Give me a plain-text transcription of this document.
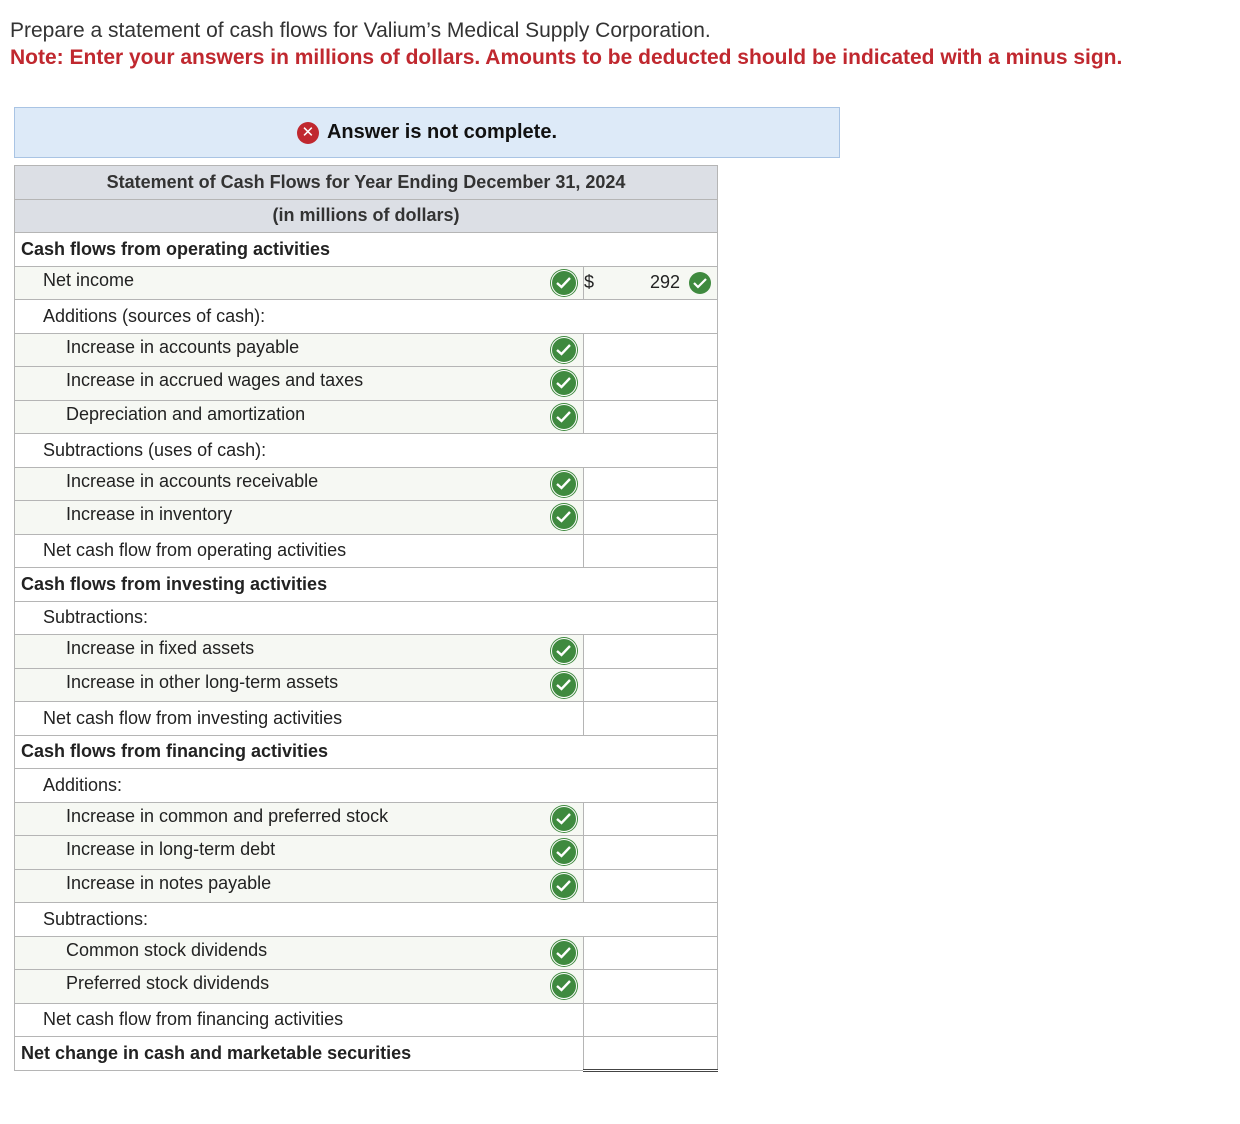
Prepare a statement of cash flows for Valium’s Medical Supply Corporation.
Note: Enter your answers in millions of dollars. Amounts to be deducted should be indicated with a minus sign.
✕ Answer is not complete.
Statement of Cash Flows for Year Ending December 31, 2024	
(in millions of dollars)	
Cash flows from operating activities	
Net income	$ 292

Additions (sources of cash):	
Increase in accounts payable

Increase in accrued wages and taxes

Depreciation and amortization

Subtractions (uses of cash):	
Increase in accounts receivable

Increase in inventory

Net cash flow from operating activities	
Cash flows from investing activities	
Subtractions:	
Increase in fixed assets

Increase in other long-term assets

Net cash flow from investing activities	
Cash flows from financing activities	
Additions:	
Increase in common and preferred stock

Increase in long-term debt

Increase in notes payable

Subtractions:	
Common stock dividends

Preferred stock dividends

Net cash flow from financing activities	
Net change in cash and marketable securities	
